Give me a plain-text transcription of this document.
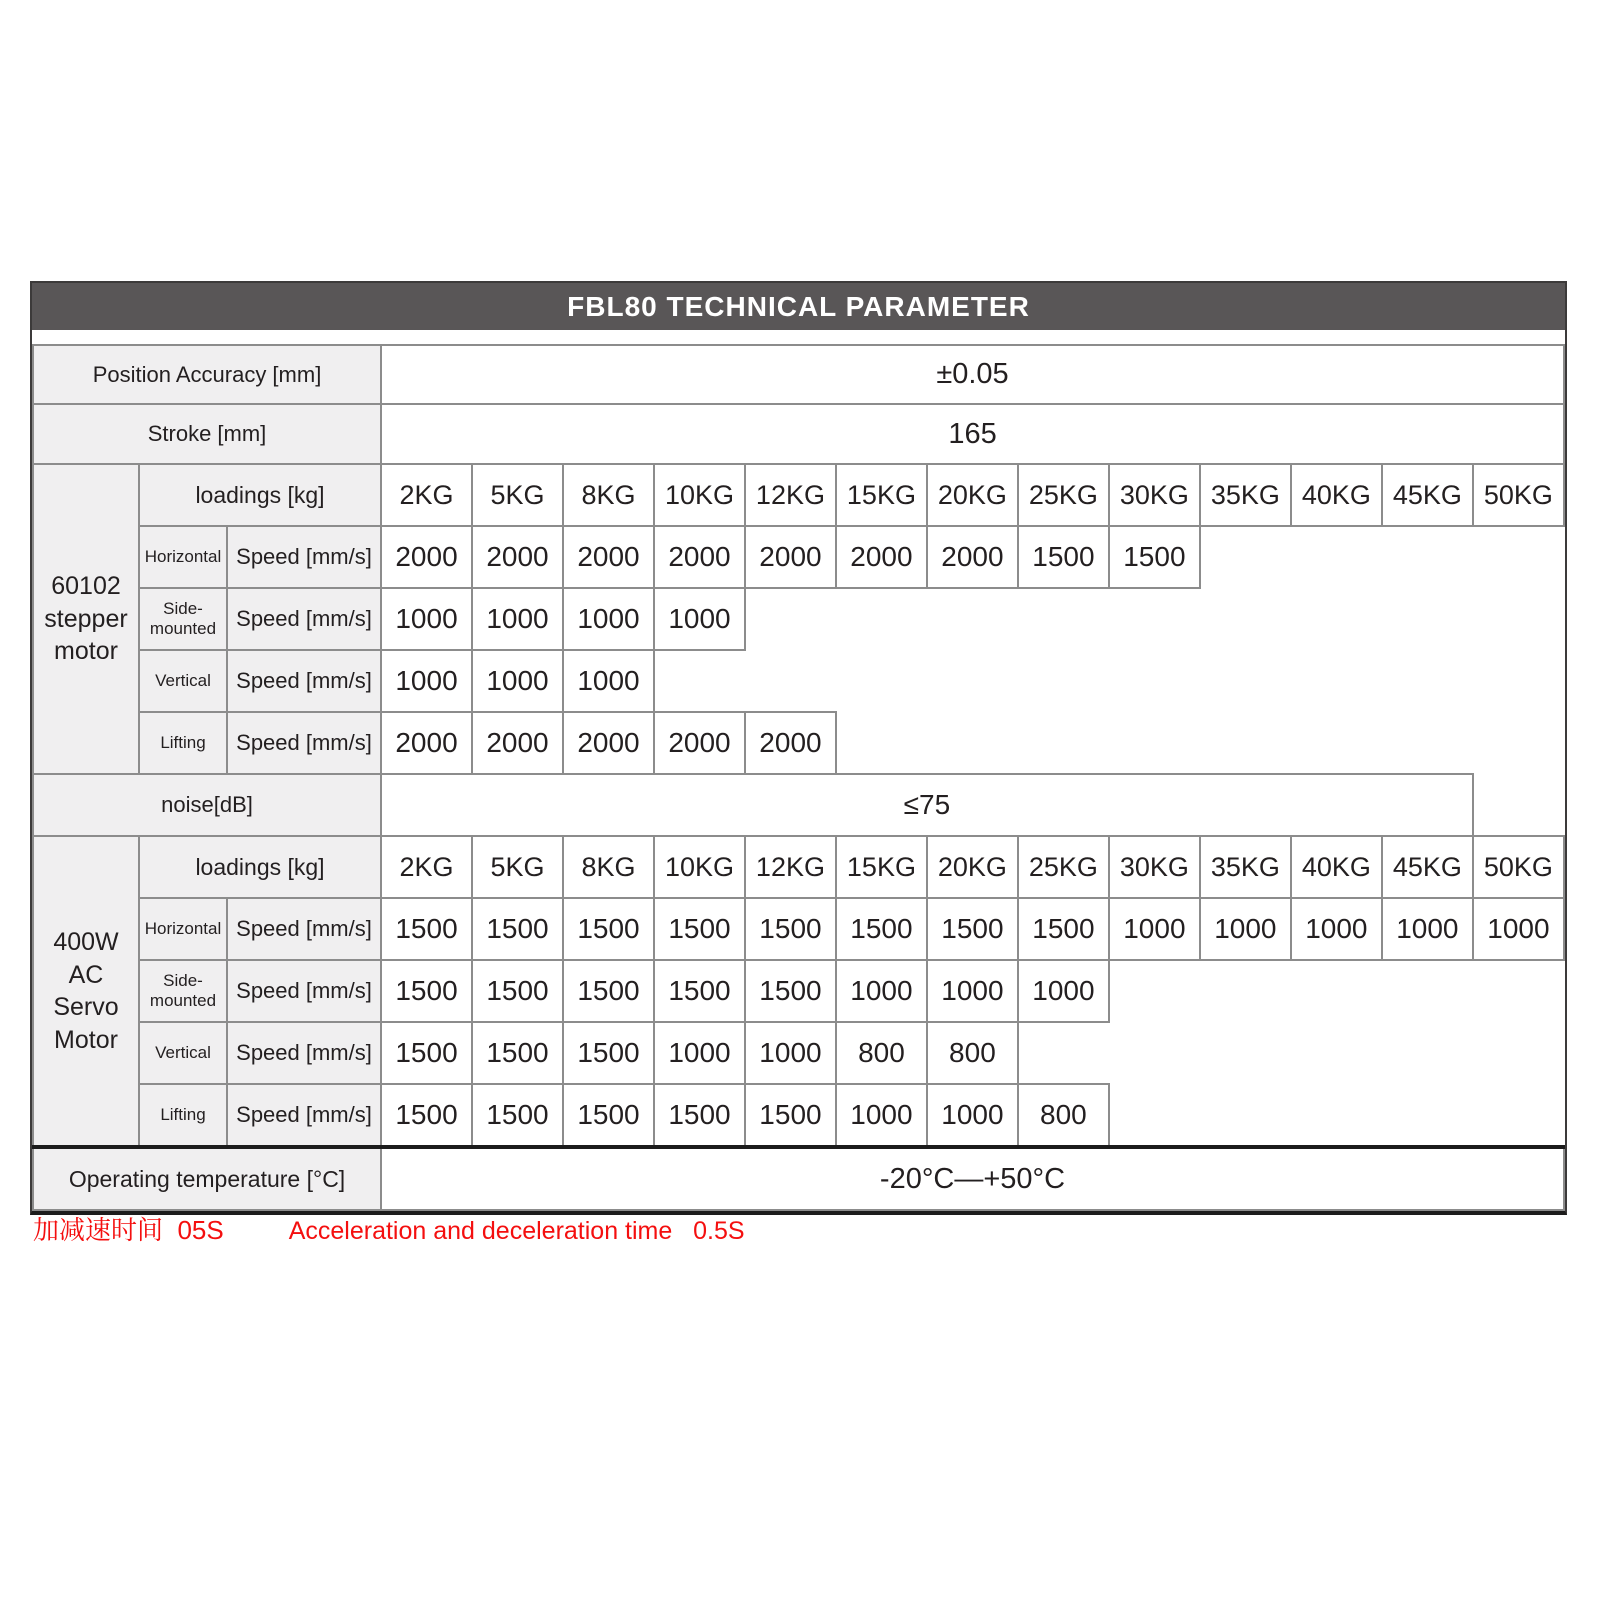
FBL80 TECHNICAL PARAMETER
Position Accuracy [mm]			±0.05												
Stroke [mm]			165												
60102 stepper motor	loadings [kg]		2KG	5KG	8KG	10KG	12KG	15KG	20KG	25KG	30KG	35KG	40KG	45KG	50KG
	Horizontal	Speed [mm/s]	2000	2000	2000	2000	2000	2000	2000	1500	1500				
	Side-mounted	Speed [mm/s]	1000	1000	1000	1000									
	Vertical	Speed [mm/s]	1000	1000	1000										
	Lifting	Speed [mm/s]	2000	2000	2000	2000	2000								
noise[dB]			≤75												
400W AC Servo Motor	loadings [kg]		2KG	5KG	8KG	10KG	12KG	15KG	20KG	25KG	30KG	35KG	40KG	45KG	50KG
	Horizontal	Speed [mm/s]	1500	1500	1500	1500	1500	1500	1500	1500	1000	1000	1000	1000	1000
	Side-mounted	Speed [mm/s]	1500	1500	1500	1500	1500	1000	1000	1000					
	Vertical	Speed [mm/s]	1500	1500	1500	1000	1000	800	800						
	Lifting	Speed [mm/s]	1500	1500	1500	1500	1500	1000	1000	800					
Operating temperature [°C]			-20°C—+50°C												
加减速时间  05S	Acceleration and deceleration time   0.5S
